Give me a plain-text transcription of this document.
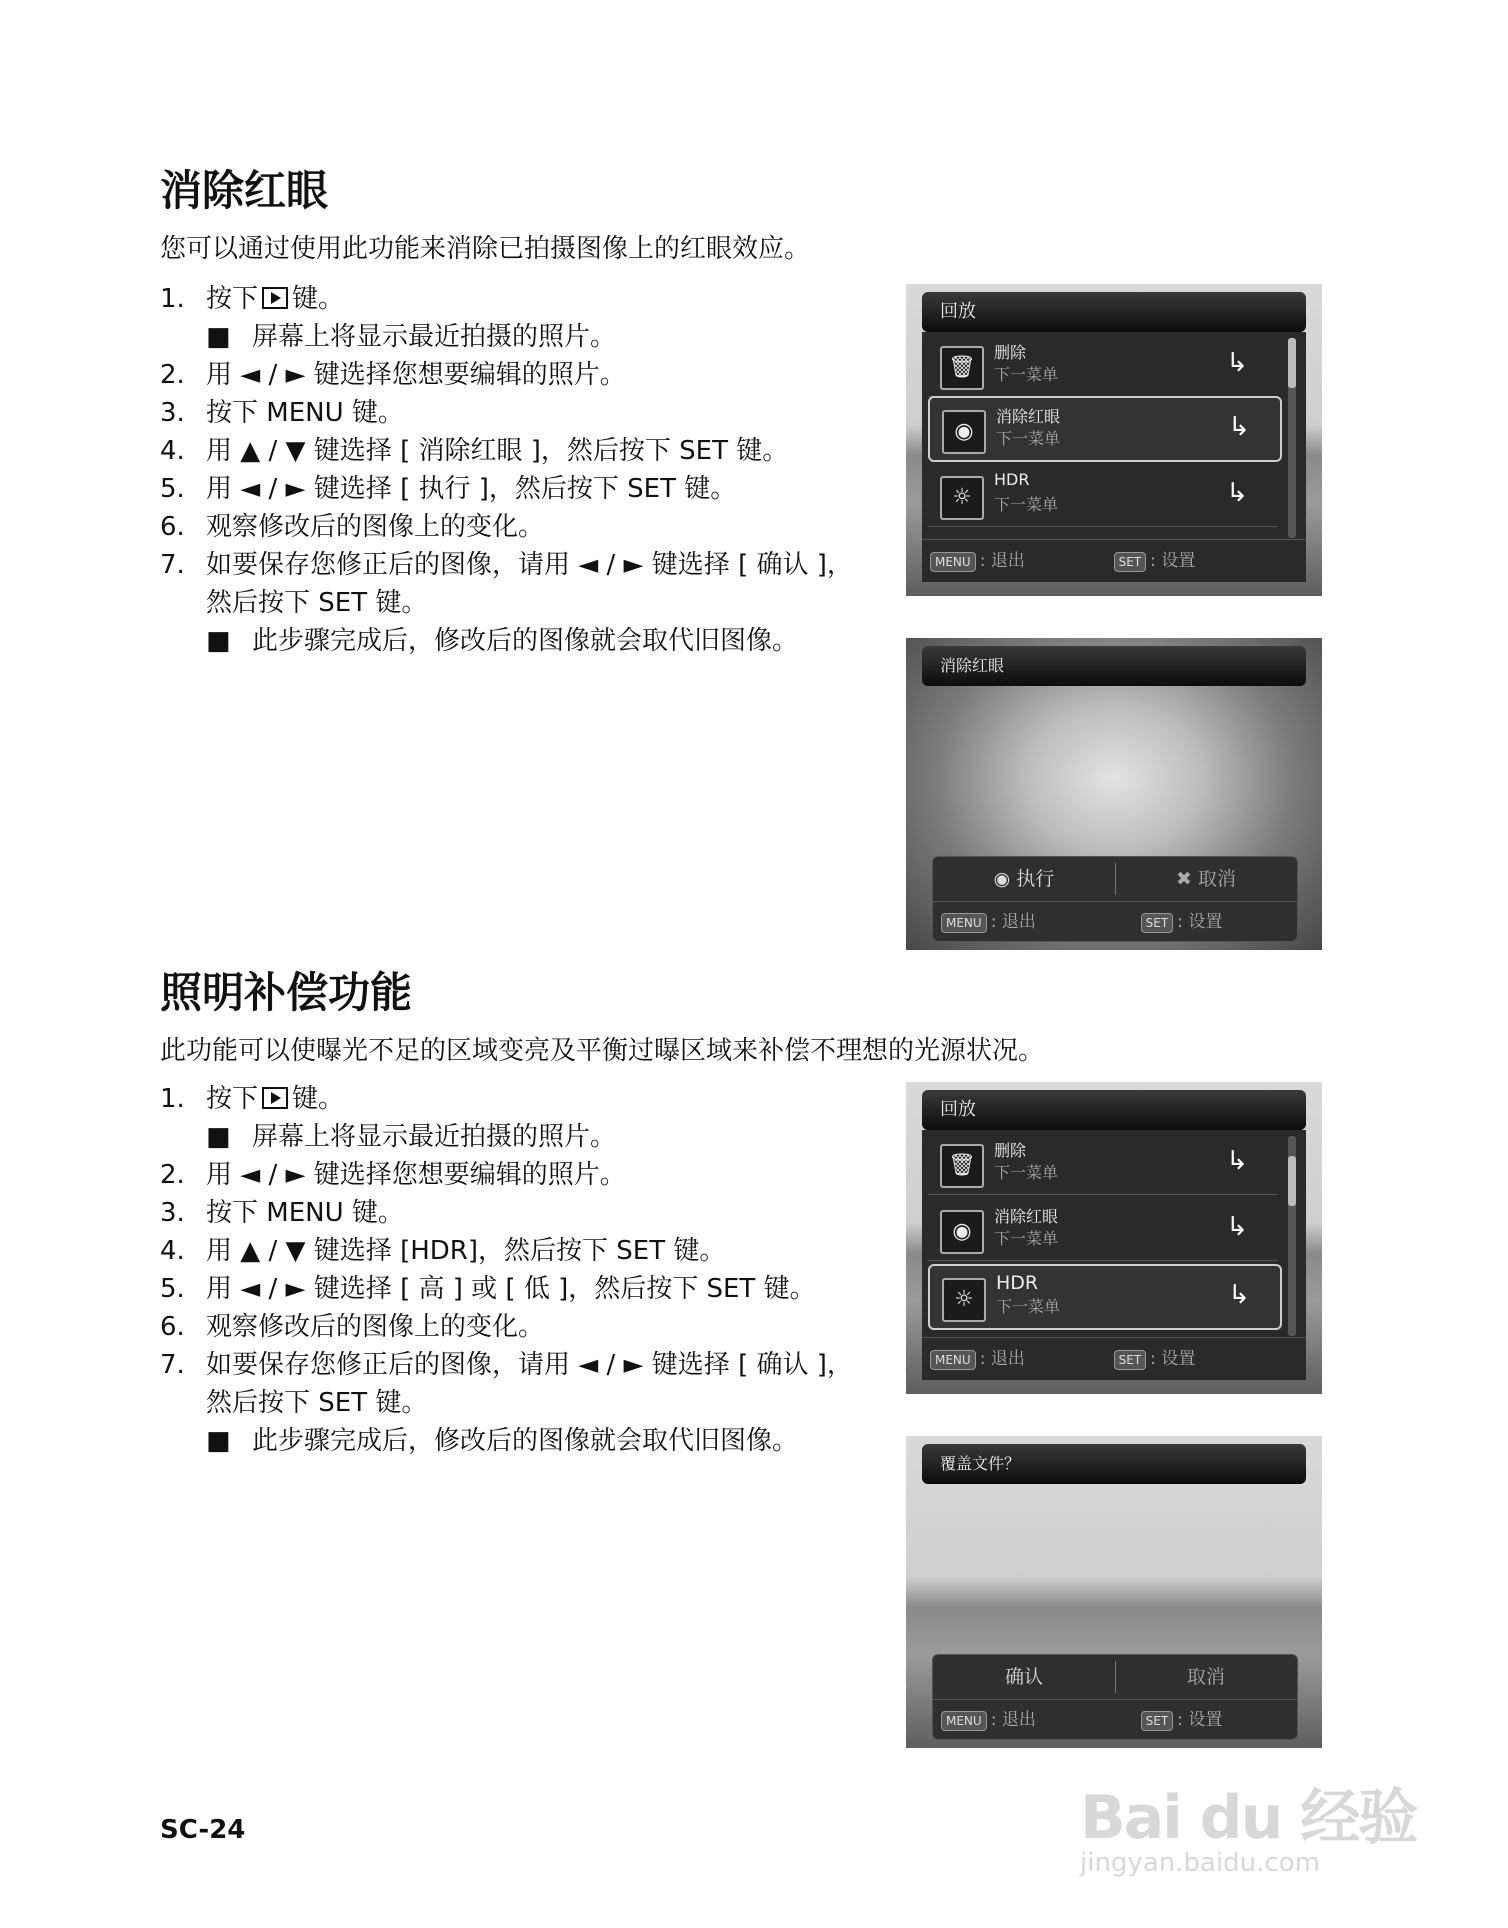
消除红眼
您可以通过使用此功能来消除已拍摄图像上的红眼效应。
1. 按下 键。
■ 屏幕上将显示最近拍摄的照片。
2. 用 ◄ / ► 键选择您想要编辑的照片。
3. 按下 MENU 键。
4. 用 ▲ / ▼ 键选择 [ 消除红眼 ]，然后按下 SET 键。
5. 用 ◄ / ► 键选择 [ 执行 ]，然后按下 SET 键。
6. 观察修改后的图像上的变化。
7. 如要保存您修正后的图像，请用 ◄ / ► 键选择 [ 确认 ]，然后按下 SET 键。
■ 此步骤完成后，修改后的图像就会取代旧图像。
回放
🗑
删除
下一菜单	↳
◉
消除红眼
下一菜单	↳
☼
HDR
下一菜单	↳
MENU : 退出	SET : 设置
消除红眼
◉ 执行	✖ 取消
MENU : 退出	SET : 设置
照明补偿功能
此功能可以使曝光不足的区域变亮及平衡过曝区域来补偿不理想的光源状况。
1. 按下 键。
■ 屏幕上将显示最近拍摄的照片。
2. 用 ◄ / ► 键选择您想要编辑的照片。
3. 按下 MENU 键。
4. 用 ▲ / ▼ 键选择 [HDR]，然后按下 SET 键。
5. 用 ◄ / ► 键选择 [ 高 ] 或 [ 低 ]，然后按下 SET 键。
6. 观察修改后的图像上的变化。
7. 如要保存您修正后的图像，请用 ◄ / ► 键选择 [ 确认 ]，然后按下 SET 键。
■ 此步骤完成后，修改后的图像就会取代旧图像。
回放
🗑
删除
下一菜单	↳
◉
消除红眼
下一菜单	↳
☼
HDR
下一菜单	↳
MENU : 退出	SET : 设置
覆盖文件？
确认	取消
MENU : 退出	SET : 设置
SC-24	Bai du 经验
jingyan.baidu.com
